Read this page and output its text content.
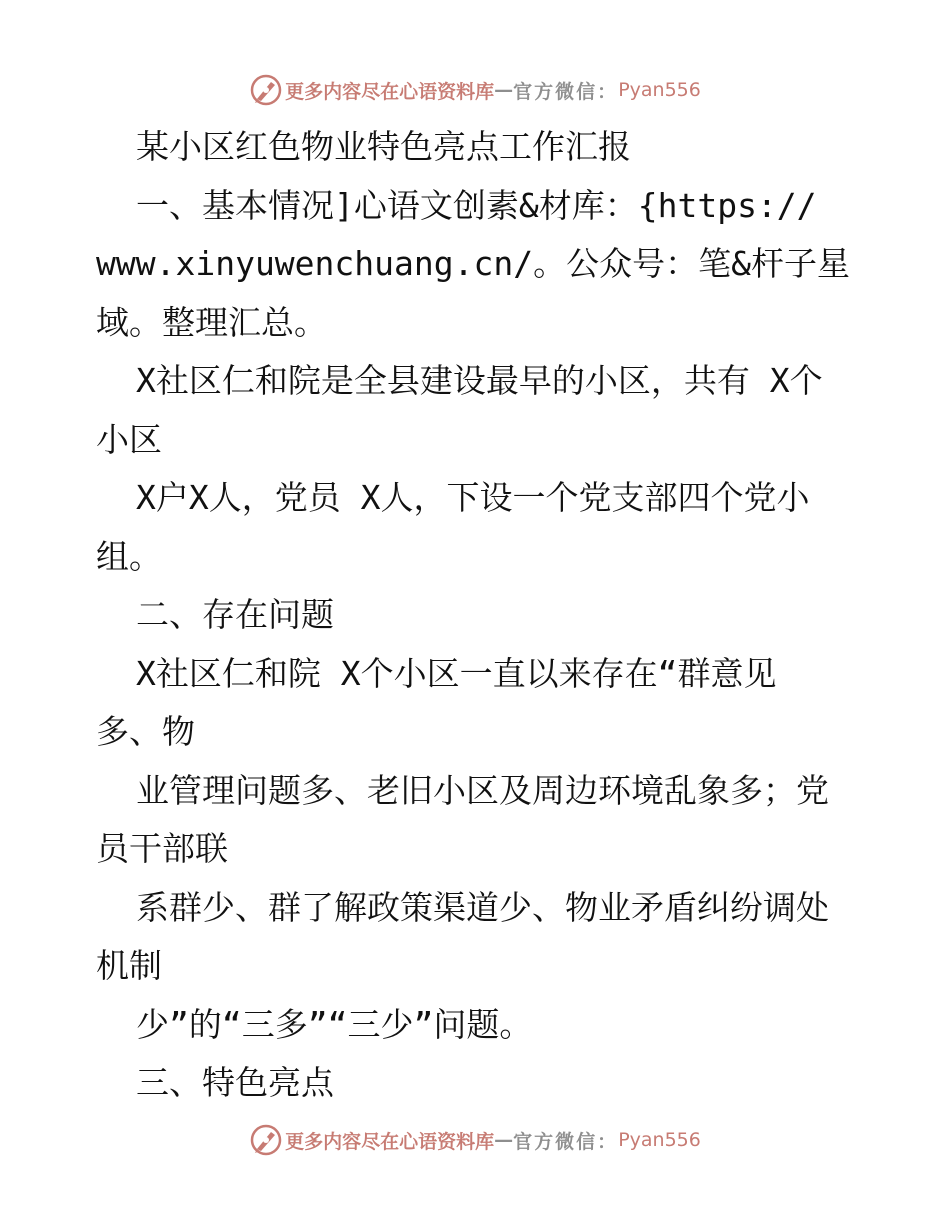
更多内容尽在心语资料库 — 官方微信： Pyan556
某小区红色物业特色亮点工作汇报
一、基本情况]心语文创素&材库：{https://
www.xinyuwenchuang.cn/。公众号：笔&杆子星
域。整理汇总。
X社区仁和院是全县建设最早的小区，共有 X个
小区
X户X人，党员 X人，下设一个党支部四个党小
组。
二、存在问题
X社区仁和院 X个小区一直以来存在“群意见
多、物
业管理问题多、老旧小区及周边环境乱象多；党
员干部联
系群少、群了解政策渠道少、物业矛盾纠纷调处
机制
少”的“三多”“三少”问题。
三、特色亮点
更多内容尽在心语资料库 — 官方微信： Pyan556
